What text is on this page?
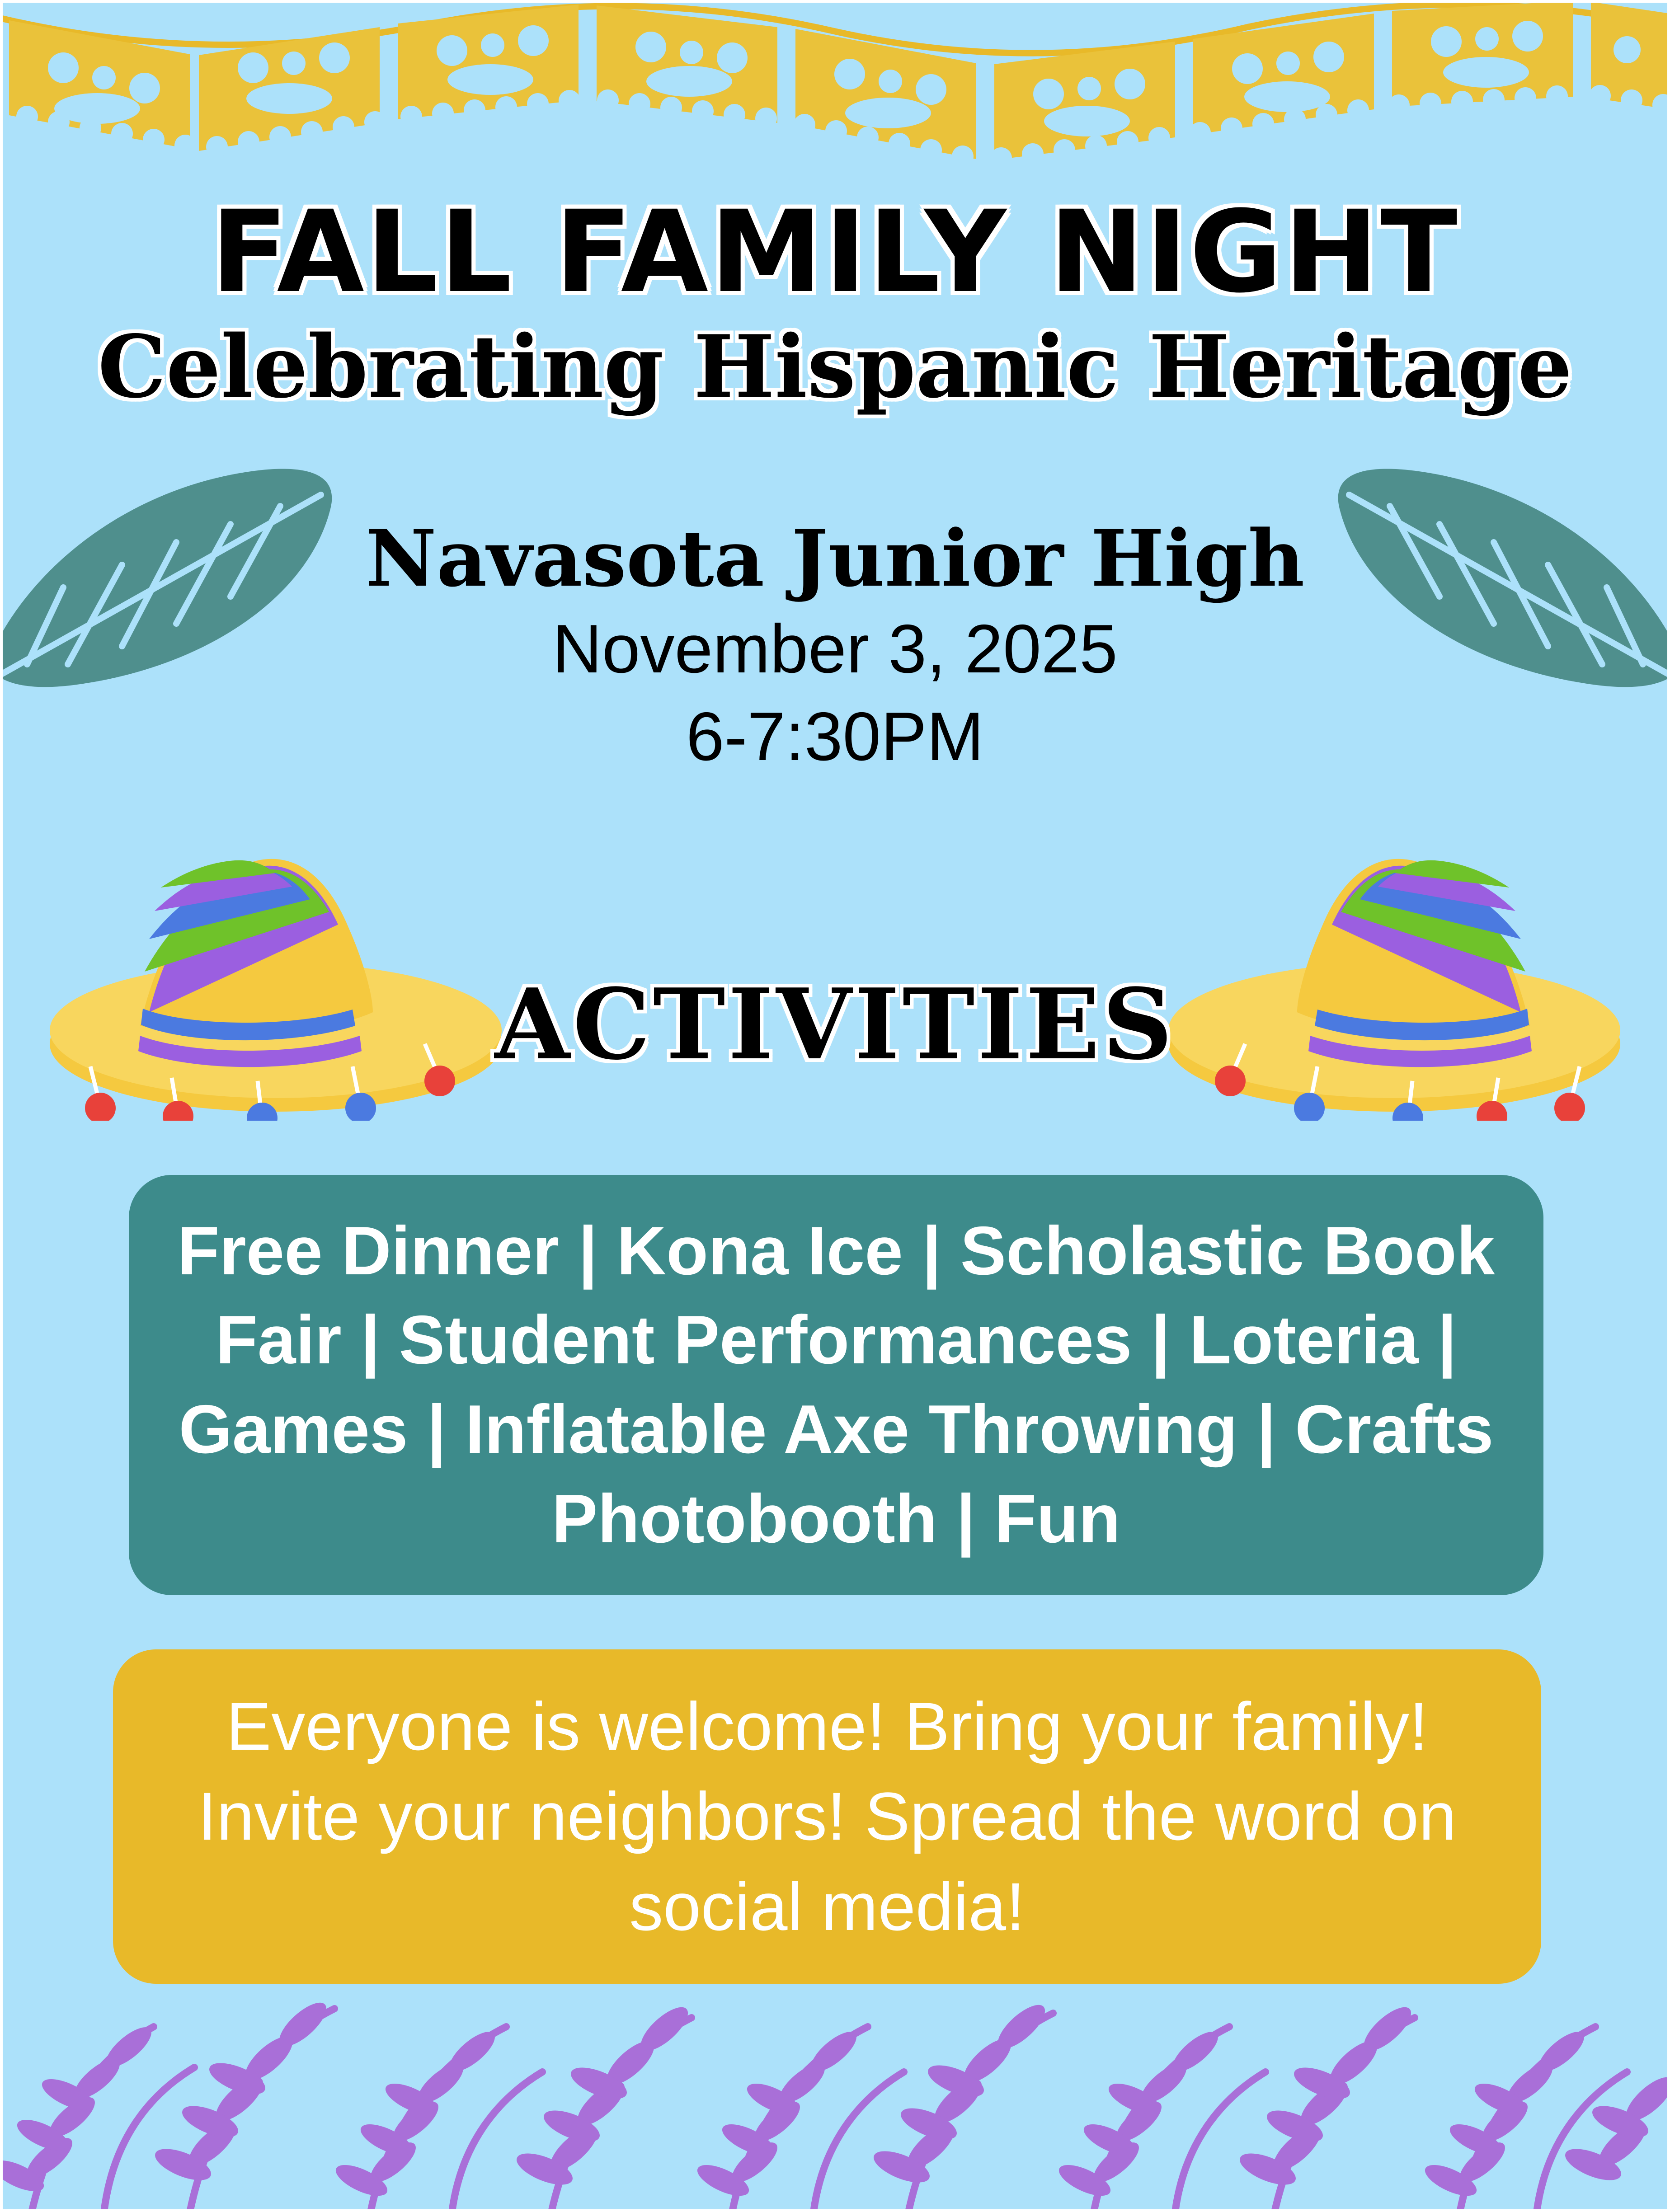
FALL FAMILY NIGHT
Celebrating Hispanic Heritage
Navasota Junior High
November 3, 2025
6-7:30PM
ACTIVITIES
Free Dinner | Kona Ice | Scholastic Book Fair | Student Performances | Loteria | Games | Inflatable Axe Throwing | Crafts Photobooth | Fun
Everyone is welcome! Bring your family! Invite your neighbors! Spread the word on social media!
